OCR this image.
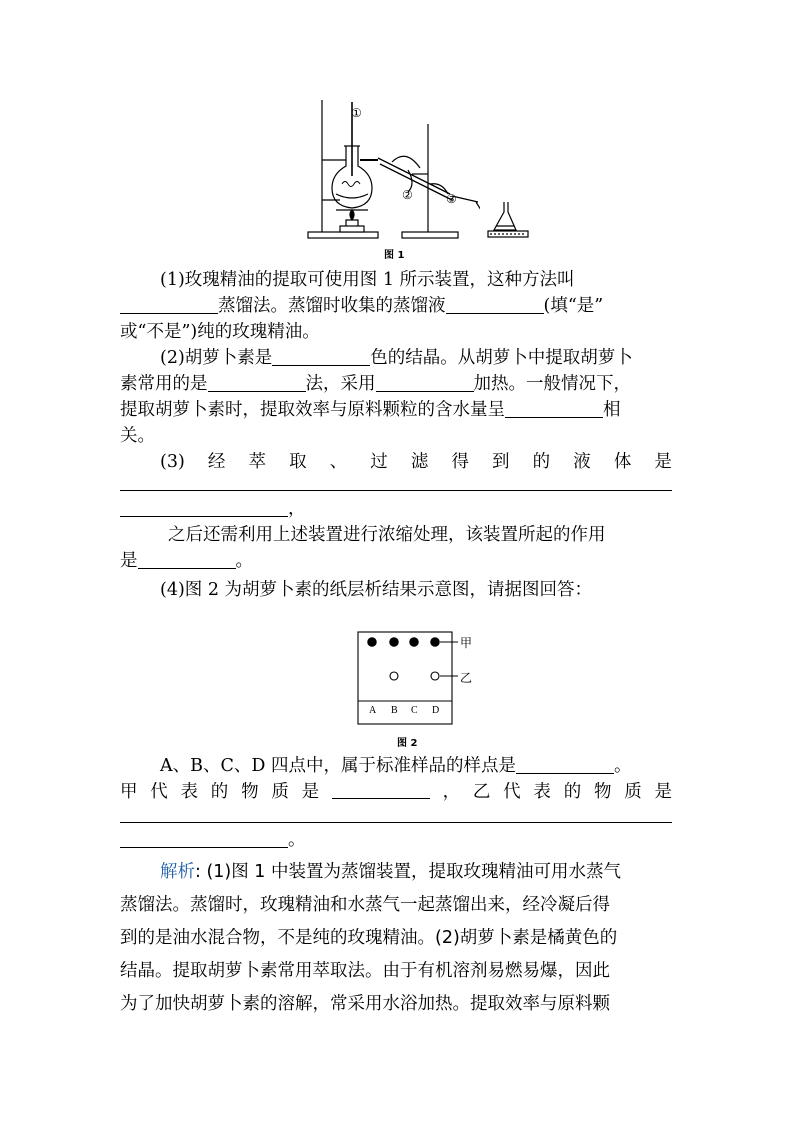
①
②	③
图 1
(1)玫瑰精油的提取可使用图 1 所示装置，这种方法叫
蒸馏法。蒸馏时收集的蒸馏液	(填“是”
或“不是”)纯的玫瑰精油。
(2)胡萝卜素是	色的结晶。从胡萝卜中提取胡萝卜
素常用的是	法，采用	加热。一般情况下，
提取胡萝卜素时，提取效率与原料颗粒的含水量呈	相
关。
(3) 经 萃 取 、 过 滤 得 到 的 液 体 是
，
之后还需利用上述装置进行浓缩处理，该装置所起的作用
是	。
(4)图 2 为胡萝卜素的纸层析结果示意图，请据图回答：
甲
乙
A B C D
图 2
A、B、C、D 四点中，属于标准样品的样点是	。
甲 代 表 的 物 质 是	， 乙 代 表 的 物 质 是
。
解析: (1)图 1 中装置为蒸馏装置，提取玫瑰精油可用水蒸气
蒸馏法。蒸馏时，玫瑰精油和水蒸气一起蒸馏出来，经冷凝后得
到的是油水混合物，不是纯的玫瑰精油。(2)胡萝卜素是橘黄色的
结晶。提取胡萝卜素常用萃取法。由于有机溶剂易燃易爆，因此
为了加快胡萝卜素的溶解，常采用水浴加热。提取效率与原料颗
